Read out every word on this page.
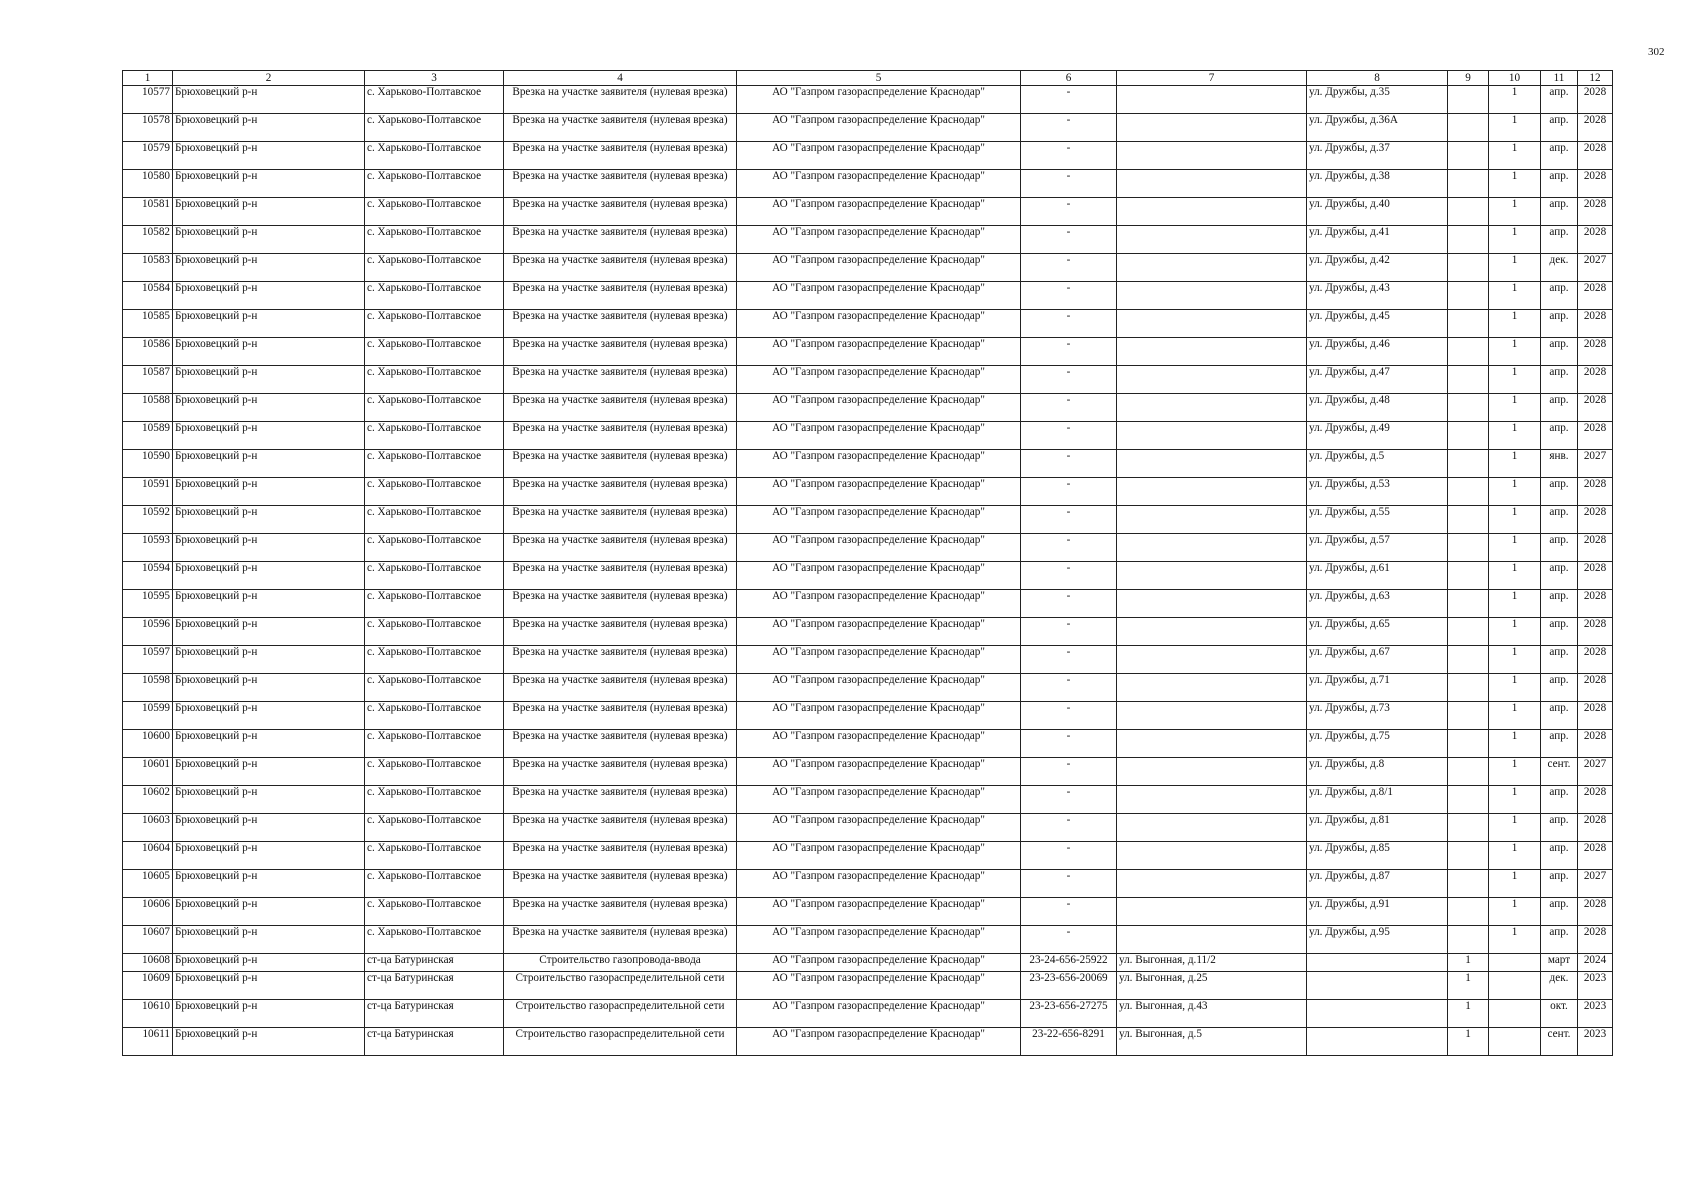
302
1	2	3	4	5	6	7	8	9	10	11	12
10577	Брюховецкий р-н	с. Харьково-Полтавское	Врезка на участке заявителя (нулевая врезка)	АО "Газпром газораспределение Краснодар"	-		ул. Дружбы, д.35		1	апр.	2028
10578	Брюховецкий р-н	с. Харьково-Полтавское	Врезка на участке заявителя (нулевая врезка)	АО "Газпром газораспределение Краснодар"	-		ул. Дружбы, д.36А		1	апр.	2028
10579	Брюховецкий р-н	с. Харьково-Полтавское	Врезка на участке заявителя (нулевая врезка)	АО "Газпром газораспределение Краснодар"	-		ул. Дружбы, д.37		1	апр.	2028
10580	Брюховецкий р-н	с. Харьково-Полтавское	Врезка на участке заявителя (нулевая врезка)	АО "Газпром газораспределение Краснодар"	-		ул. Дружбы, д.38		1	апр.	2028
10581	Брюховецкий р-н	с. Харьково-Полтавское	Врезка на участке заявителя (нулевая врезка)	АО "Газпром газораспределение Краснодар"	-		ул. Дружбы, д.40		1	апр.	2028
10582	Брюховецкий р-н	с. Харьково-Полтавское	Врезка на участке заявителя (нулевая врезка)	АО "Газпром газораспределение Краснодар"	-		ул. Дружбы, д.41		1	апр.	2028
10583	Брюховецкий р-н	с. Харьково-Полтавское	Врезка на участке заявителя (нулевая врезка)	АО "Газпром газораспределение Краснодар"	-		ул. Дружбы, д.42		1	дек.	2027
10584	Брюховецкий р-н	с. Харьково-Полтавское	Врезка на участке заявителя (нулевая врезка)	АО "Газпром газораспределение Краснодар"	-		ул. Дружбы, д.43		1	апр.	2028
10585	Брюховецкий р-н	с. Харьково-Полтавское	Врезка на участке заявителя (нулевая врезка)	АО "Газпром газораспределение Краснодар"	-		ул. Дружбы, д.45		1	апр.	2028
10586	Брюховецкий р-н	с. Харьково-Полтавское	Врезка на участке заявителя (нулевая врезка)	АО "Газпром газораспределение Краснодар"	-		ул. Дружбы, д.46		1	апр.	2028
10587	Брюховецкий р-н	с. Харьково-Полтавское	Врезка на участке заявителя (нулевая врезка)	АО "Газпром газораспределение Краснодар"	-		ул. Дружбы, д.47		1	апр.	2028
10588	Брюховецкий р-н	с. Харьково-Полтавское	Врезка на участке заявителя (нулевая врезка)	АО "Газпром газораспределение Краснодар"	-		ул. Дружбы, д.48		1	апр.	2028
10589	Брюховецкий р-н	с. Харьково-Полтавское	Врезка на участке заявителя (нулевая врезка)	АО "Газпром газораспределение Краснодар"	-		ул. Дружбы, д.49		1	апр.	2028
10590	Брюховецкий р-н	с. Харьково-Полтавское	Врезка на участке заявителя (нулевая врезка)	АО "Газпром газораспределение Краснодар"	-		ул. Дружбы, д.5		1	янв.	2027
10591	Брюховецкий р-н	с. Харьково-Полтавское	Врезка на участке заявителя (нулевая врезка)	АО "Газпром газораспределение Краснодар"	-		ул. Дружбы, д.53		1	апр.	2028
10592	Брюховецкий р-н	с. Харьково-Полтавское	Врезка на участке заявителя (нулевая врезка)	АО "Газпром газораспределение Краснодар"	-		ул. Дружбы, д.55		1	апр.	2028
10593	Брюховецкий р-н	с. Харьково-Полтавское	Врезка на участке заявителя (нулевая врезка)	АО "Газпром газораспределение Краснодар"	-		ул. Дружбы, д.57		1	апр.	2028
10594	Брюховецкий р-н	с. Харьково-Полтавское	Врезка на участке заявителя (нулевая врезка)	АО "Газпром газораспределение Краснодар"	-		ул. Дружбы, д.61		1	апр.	2028
10595	Брюховецкий р-н	с. Харьково-Полтавское	Врезка на участке заявителя (нулевая врезка)	АО "Газпром газораспределение Краснодар"	-		ул. Дружбы, д.63		1	апр.	2028
10596	Брюховецкий р-н	с. Харьково-Полтавское	Врезка на участке заявителя (нулевая врезка)	АО "Газпром газораспределение Краснодар"	-		ул. Дружбы, д.65		1	апр.	2028
10597	Брюховецкий р-н	с. Харьково-Полтавское	Врезка на участке заявителя (нулевая врезка)	АО "Газпром газораспределение Краснодар"	-		ул. Дружбы, д.67		1	апр.	2028
10598	Брюховецкий р-н	с. Харьково-Полтавское	Врезка на участке заявителя (нулевая врезка)	АО "Газпром газораспределение Краснодар"	-		ул. Дружбы, д.71		1	апр.	2028
10599	Брюховецкий р-н	с. Харьково-Полтавское	Врезка на участке заявителя (нулевая врезка)	АО "Газпром газораспределение Краснодар"	-		ул. Дружбы, д.73		1	апр.	2028
10600	Брюховецкий р-н	с. Харьково-Полтавское	Врезка на участке заявителя (нулевая врезка)	АО "Газпром газораспределение Краснодар"	-		ул. Дружбы, д.75		1	апр.	2028
10601	Брюховецкий р-н	с. Харьково-Полтавское	Врезка на участке заявителя (нулевая врезка)	АО "Газпром газораспределение Краснодар"	-		ул. Дружбы, д.8		1	сент.	2027
10602	Брюховецкий р-н	с. Харьково-Полтавское	Врезка на участке заявителя (нулевая врезка)	АО "Газпром газораспределение Краснодар"	-		ул. Дружбы, д.8/1		1	апр.	2028
10603	Брюховецкий р-н	с. Харьково-Полтавское	Врезка на участке заявителя (нулевая врезка)	АО "Газпром газораспределение Краснодар"	-		ул. Дружбы, д.81		1	апр.	2028
10604	Брюховецкий р-н	с. Харьково-Полтавское	Врезка на участке заявителя (нулевая врезка)	АО "Газпром газораспределение Краснодар"	-		ул. Дружбы, д.85		1	апр.	2028
10605	Брюховецкий р-н	с. Харьково-Полтавское	Врезка на участке заявителя (нулевая врезка)	АО "Газпром газораспределение Краснодар"	-		ул. Дружбы, д.87		1	апр.	2027
10606	Брюховецкий р-н	с. Харьково-Полтавское	Врезка на участке заявителя (нулевая врезка)	АО "Газпром газораспределение Краснодар"	-		ул. Дружбы, д.91		1	апр.	2028
10607	Брюховецкий р-н	с. Харьково-Полтавское	Врезка на участке заявителя (нулевая врезка)	АО "Газпром газораспределение Краснодар"	-		ул. Дружбы, д.95		1	апр.	2028
10608	Брюховецкий р-н	ст-ца Батуринская	Строительство газопровода-ввода	АО "Газпром газораспределение Краснодар"	23-24-656-25922	ул. Выгонная, д.11/2		1		март	2024
10609	Брюховецкий р-н	ст-ца Батуринская	Строительство газораспределительной сети	АО "Газпром газораспределение Краснодар"	23-23-656-20069	ул. Выгонная, д.25		1		дек.	2023
10610	Брюховецкий р-н	ст-ца Батуринская	Строительство газораспределительной сети	АО "Газпром газораспределение Краснодар"	23-23-656-27275	ул. Выгонная, д.43		1		окт.	2023
10611	Брюховецкий р-н	ст-ца Батуринская	Строительство газораспределительной сети	АО "Газпром газораспределение Краснодар"	23-22-656-8291	ул. Выгонная, д.5		1		сент.	2023
